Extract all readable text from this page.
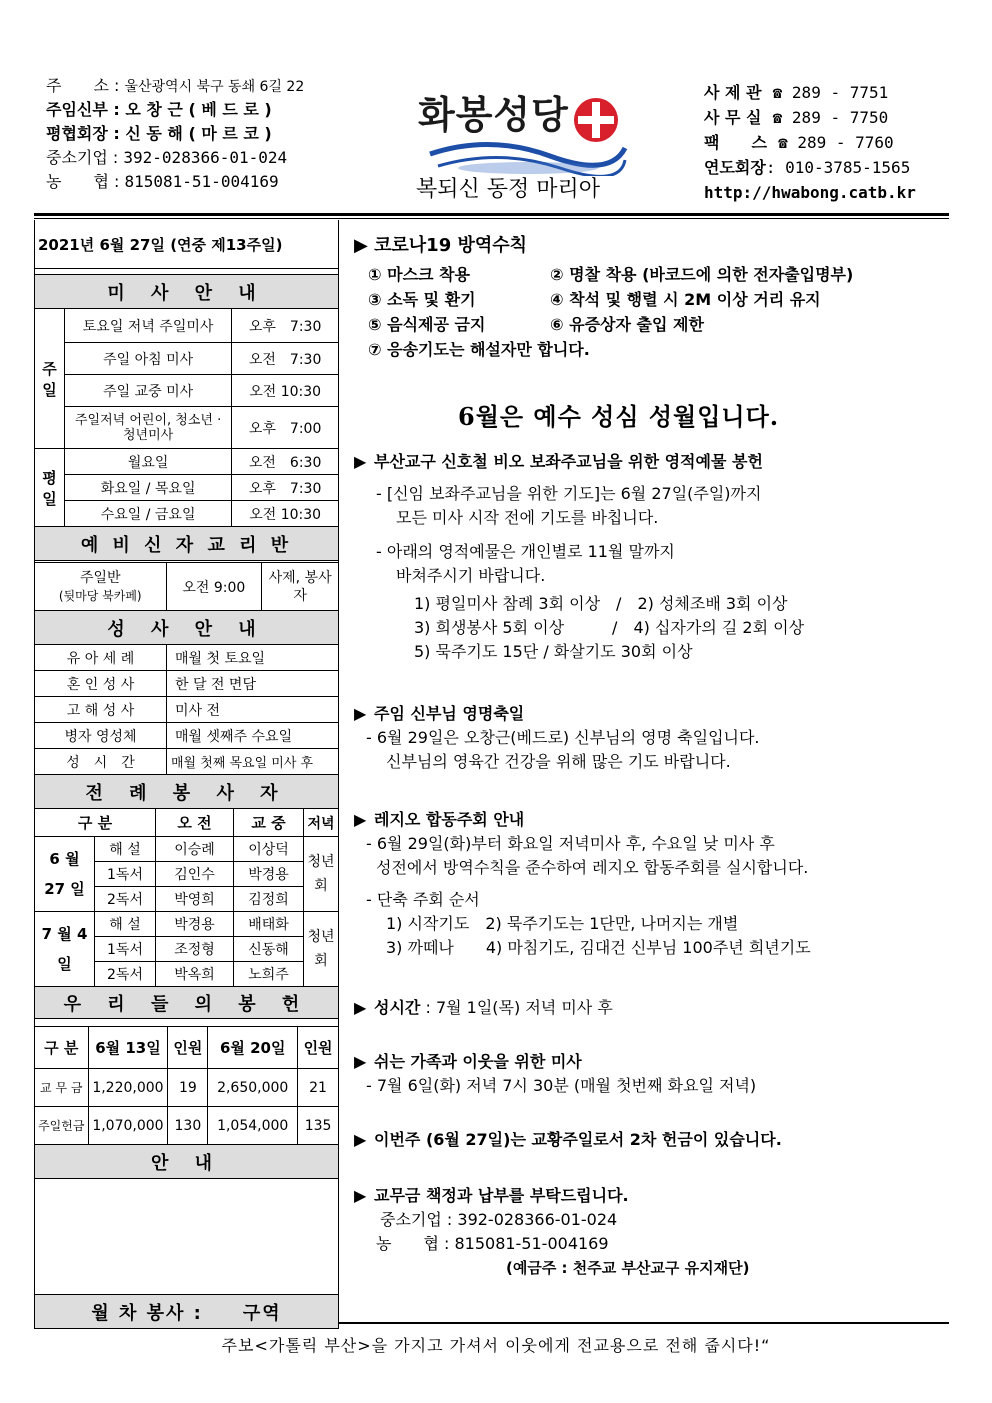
주　　소 : 울산광역시 북구 동쇄 6길 22
주임신부 : 오 창 근 ( 베 드 로 )
평협회장 : 신 동 해 ( 마 르 코 )
중소기업 : 392-028366-01-024
농　　협 : 815081-51-004169
화봉성당
복되신 동정 마리아
사 제 관 ☎ 289 - 7751
사 무 실 ☎ 289 - 7750
팩　　스 ☎ 289 - 7760
연도회장: 010-3785-1565
http://hwabong.catb.kr
2021년 6월 27일 (연중 제13주일)
미 사 안 내		
주일	토요일 저녁 주일미사	오후　7:30
	주일 아침 미사	오전　7:30
	주일 교중 미사	오전 10:30
	주일저녁 어린이, 청소년 · 청년미사	오후　7:00
평일	월요일	오전　6:30
	화요일 / 목요일	오후　7:30
	수요일 / 금요일	오전 10:30
예 비 신 자 교 리 반		
주일반
(뒷마당 북카페)	오전 9:00	사제, 봉사자
성 사 안 내
유 아 세 례	매월 첫 토요일
혼 인 성 사	한 달 전 면담
고 해 성 사	미사 전
병자 영성체	매월 셋째주 수요일
성　시　간	매월 첫째 목요일 미사 후
전 례 봉 사 자	
구 분		오 전	교 중	저녁
6 월 27 일	해 설	이승례	이상덕	청년회
	1독서	김인수	박경용	
	2독서	박영희	김정희	
7 월 4 일	해 설	박경용	배태화	청년회
	1독서	조정형	신동해	
	2독서	박옥희	노희주	
우 리 들 의 봉 헌				
구 분	6월 13일	인원	6월 20일	인원
교 무 금	1,220,000	19	2,650,000	21
주일헌금	1,070,000	130	1,054,000	135
안 내				

월 차 봉사 :　　구역				
▶ 코로나19 방역수칙
① 마스크 착용	② 명찰 착용 (바코드에 의한 전자출입명부)
③ 소독 및 환기	④ 착석 및 행렬 시 2M 이상 거리 유지
⑤ 음식제공 금지	⑥ 유증상자 출입 제한
⑦ 응송기도는 해설자만 합니다.
6월은 예수 성심 성월입니다.
▶ 부산교구 신호철 비오 보좌주교님을 위한 영적예물 봉헌
- [신임 보좌주교님을 위한 기도]는 6월 27일(주일)까지
모든 미사 시작 전에 기도를 바칩니다.
- 아래의 영적예물은 개인별로 11월 말까지
바쳐주시기 바랍니다.
1) 평일미사 참례 3회 이상　/　2) 성체조배 3회 이상
3) 희생봉사 5회 이상　　　/　4) 십자가의 길 2회 이상
5) 묵주기도 15단 / 화살기도 30회 이상
▶ 주임 신부님 영명축일
- 6월 29일은 오창근(베드로) 신부님의 영명 축일입니다.
신부님의 영육간 건강을 위해 많은 기도 바랍니다.
▶ 레지오 합동주회 안내
- 6월 29일(화)부터 화요일 저녁미사 후, 수요일 낮 미사 후
성전에서 방역수칙을 준수하여 레지오 합동주회를 실시합니다.
- 단축 주회 순서
1) 시작기도　2) 묵주기도는 1단만, 나머지는 개별
3) 까떼나　　4) 마침기도, 김대건 신부님 100주년 희년기도
▶ 성시간 : 7월 1일(목) 저녁 미사 후
▶ 쉬는 가족과 이웃을 위한 미사
- 7월 6일(화) 저녁 7시 30분 (매월 첫번째 화요일 저녁)
▶ 이번주 (6월 27일)는 교황주일로서 2차 헌금이 있습니다.
▶ 교무금 책정과 납부를 부탁드립니다.
중소기업 : 392-028366-01-024
농　　협 : 815081-51-004169
(예금주 : 천주교 부산교구 유지재단)
주보<가톨릭 부산>을 가지고 가셔서 이웃에게 전교용으로 전해 줍시다!“
